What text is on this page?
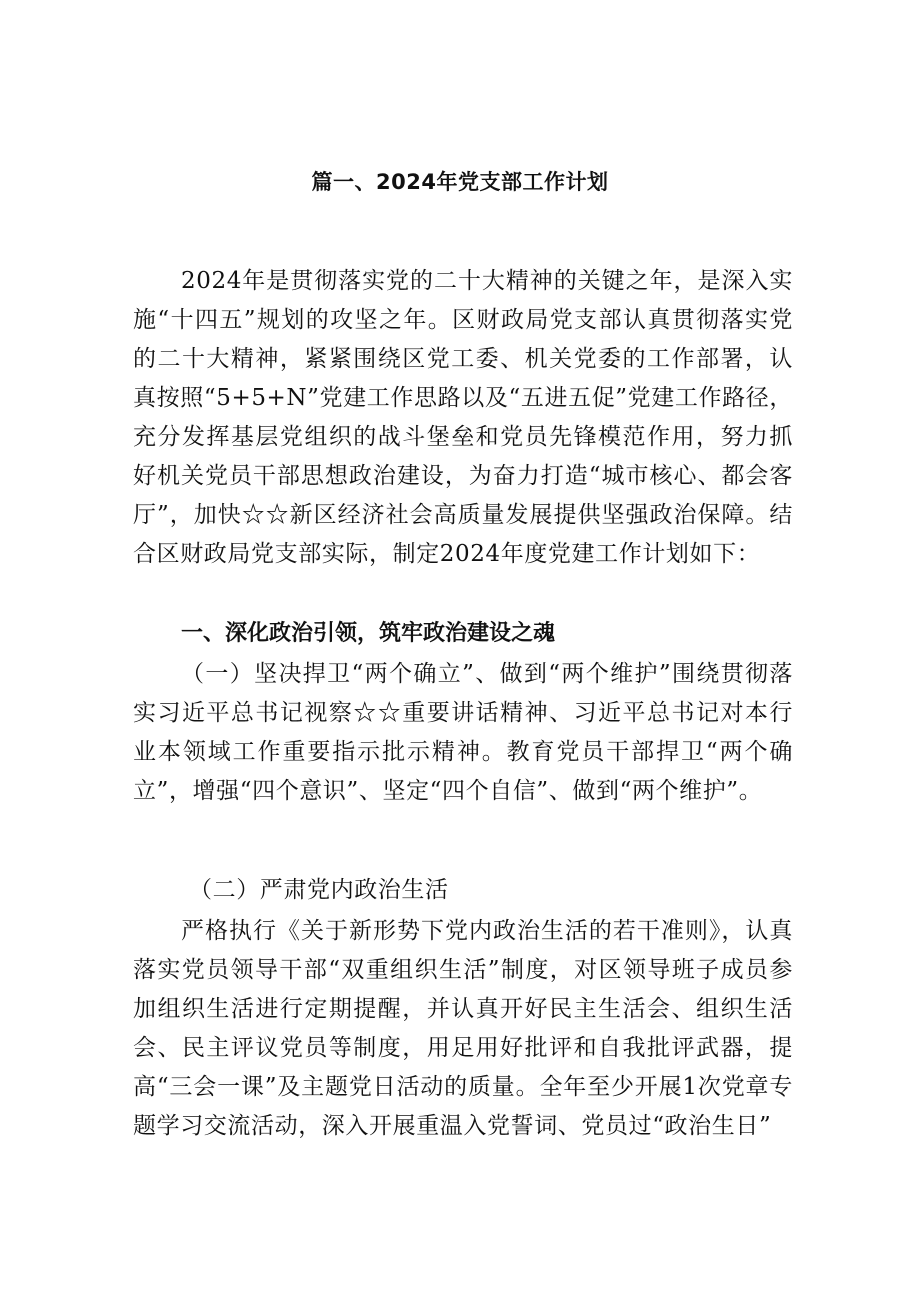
篇一、2024年党支部工作计划

2024年是贯彻落实党的二十大精神的关键之年，是深入实施“十四五”规划的攻坚之年。区财政局党支部认真贯彻落实党的二十大精神，紧紧围绕区党工委、机关党委的工作部署，认真按照“5+5+N”党建工作思路以及“五进五促”党建工作路径，充分发挥基层党组织的战斗堡垒和党员先锋模范作用，努力抓好机关党员干部思想政治建设，为奋力打造“城市核心、都会客厅”，加快☆☆新区经济社会高质量发展提供坚强政治保障。结合区财政局党支部实际，制定2024年度党建工作计划如下：

一、深化政治引领，筑牢政治建设之魂

（一）坚决捍卫“两个确立”、做到“两个维护”围绕贯彻落实习近平总书记视察☆☆重要讲话精神、习近平总书记对本行业本领域工作重要指示批示精神。教育党员干部捍卫“两个确立”，增强“四个意识”、坚定“四个自信”、做到“两个维护”。

（二）严肃党内政治生活

严格执行《关于新形势下党内政治生活的若干准则》，认真落实党员领导干部“双重组织生活”制度，对区领导班子成员参加组织生活进行定期提醒，并认真开好民主生活会、组织生活会、民主评议党员等制度，用足用好批评和自我批评武器，提高“三会一课”及主题党日活动的质量。全年至少开展1次党章专题学习交流活动，深入开展重温入党誓词、党员过“政治生日”
